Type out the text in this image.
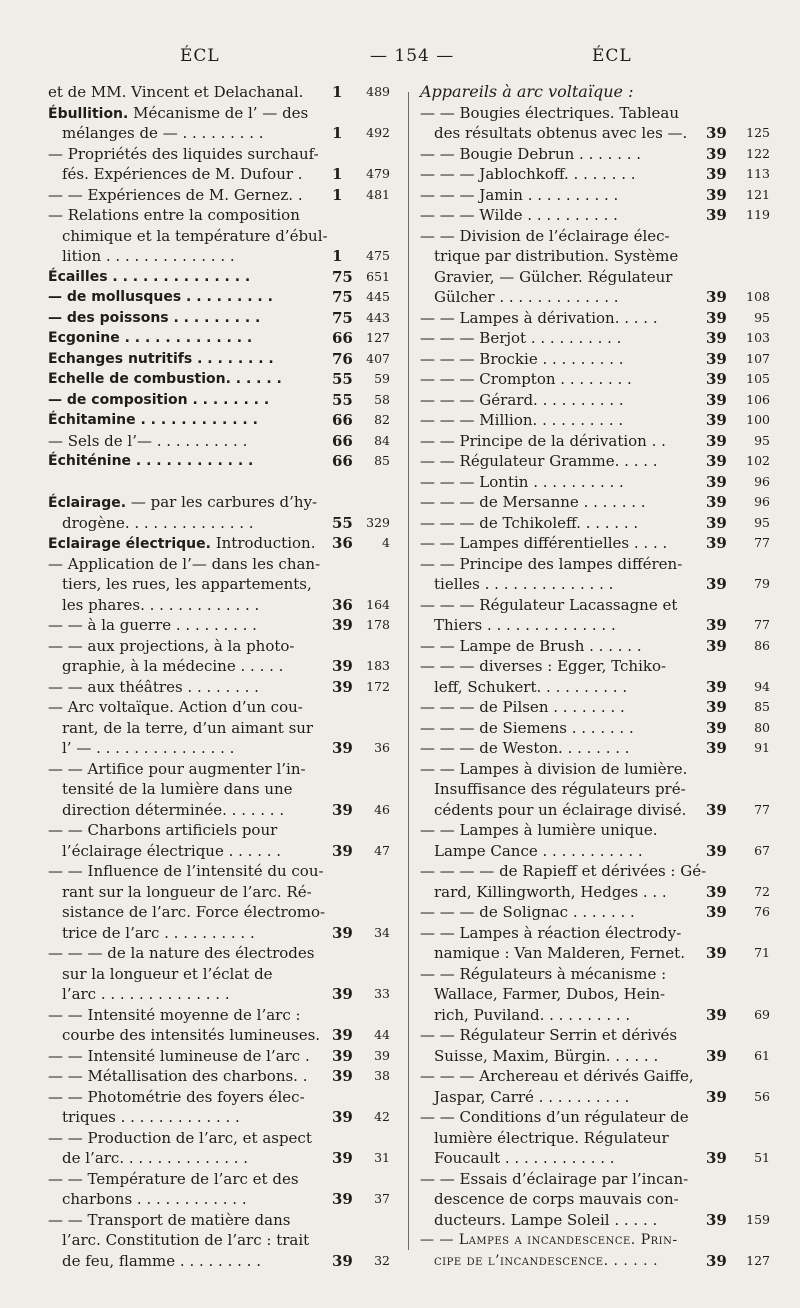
ÉCL	— 154 —	ÉCL
et de MM. Vincent et Delachanal. 1	489
Ébullition. Mécanisme de l’ — des
mélanges de — . . . . . . . . .	1	492
— Propriétés des liquides surchauf-
fés. Expériences de M. Dufour . 1	479
— — Expériences de M. Gernez. . 1	481
— Relations entre la composition
chimique et la température d’ébul-
lition . . . . . . . . . . . . . .	1	475
Écailles . . . . . . . . . . . . . .	75	651
— de mollusques . . . . . . . . .	75	445
— des poissons . . . . . . . . .	75	443
Ecgonine . . . . . . . . . . . . .	66	127
Echanges nutritifs . . . . . . . .	76	407
Echelle de combustion. . . . . .	55	59
— de composition . . . . . . . .	55	58
Échitamine . . . . . . . . . . . .	66	82
— Sels de l’— . . . . . . . . . .	66	84
Échiténine . . . . . . . . . . . .	66	85
Éclairage. — par les carbures d’hy-
drogène. . . . . . . . . . . . . .	55	329
Eclairage électrique. Introduction. 36	4
— Application de l’— dans les chan-
tiers, les rues, les appartements,
les phares. . . . . . . . . . . . .	36	164
— — à la guerre . . . . . . . . .	39	178
— — aux projections, à la photo-
graphie, à la médecine . . . . .	39	183
— — aux théâtres . . . . . . . .	39	172
— Arc voltaïque. Action d’un cou-
rant, de la terre, d’un aimant sur
l’ — . . . . . . . . . . . . . . .	39	36
— — Artifice pour augmenter l’in-
tensité de la lumière dans une
direction déterminée. . . . . . .	39	46
— — Charbons artificiels pour
l’éclairage électrique . . . . . .	39	47
— — Influence de l’intensité du cou-
rant sur la longueur de l’arc. Ré-
sistance de l’arc. Force électromo-
trice de l’arc . . . . . . . . . .	39	34
— — — de la nature des électrodes
sur la longueur et l’éclat de
l’arc . . . . . . . . . . . . . .	39	33
— — Intensité moyenne de l’arc :
courbe des intensités lumineuses. 39	44
— — Intensité lumineuse de l’arc . 39	39
— — Métallisation des charbons. . 39	38
— — Photométrie des foyers élec-
triques . . . . . . . . . . . . .	39	42
— — Production de l’arc, et aspect
de l’arc. . . . . . . . . . . . . .	39	31
— — Température de l’arc et des
charbons . . . . . . . . . . . .	39	37
— — Transport de matière dans
l’arc. Constitution de l’arc : trait
de feu, flamme . . . . . . . . .	39	32
Appareils à arc voltaïque :
— — Bougies électriques. Tableau
des résultats obtenus avec les —. 39	125
— — Bougie Debrun . . . . . . .	39	122
— — — Jablochkoff. . . . . . . .	39	113
— — — Jamin . . . . . . . . . .	39	121
— — — Wilde . . . . . . . . . .	39	119
— — Division de l’éclairage élec-
trique par distribution. Système
Gravier, — Gülcher. Régulateur
Gülcher . . . . . . . . . . . . .	39	108
— — Lampes à dérivation. . . . .	39	95
— — — Berjot . . . . . . . . . .	39	103
— — — Brockie . . . . . . . . .	39	107
— — — Crompton . . . . . . . .	39	105
— — — Gérard. . . . . . . . . .	39	106
— — — Million. . . . . . . . . .	39	100
— — Principe de la dérivation . .	39	95
— — Régulateur Gramme. . . . .	39	102
— — — Lontin . . . . . . . . . .	39	96
— — — de Mersanne . . . . . . .	39	96
— — — de Tchikoleff. . . . . . .	39	95
— — Lampes différentielles . . . .	39	77
— — Principe des lampes différen-
tielles . . . . . . . . . . . . . .	39	79
— — — Régulateur Lacassagne et
Thiers . . . . . . . . . . . . . .	39	77
— — Lampe de Brush . . . . . .	39	86
— — — diverses : Egger, Tchiko-
leff, Schukert. . . . . . . . . .	39	94
— — — de Pilsen . . . . . . . .	39	85
— — — de Siemens . . . . . . .	39	80
— — — de Weston. . . . . . . .	39	91
— — Lampes à division de lumière.
Insuffisance des régulateurs pré-
cédents pour un éclairage divisé. 39	77
— — Lampes à lumière unique.
Lampe Cance . . . . . . . . . . .	39	67
— — — — de Rapieff et dérivées : Gé-
rard, Killingworth, Hedges . . .	39	72
— — — de Solignac . . . . . . .	39	76
— — Lampes à réaction électrody-
namique : Van Malderen, Fernet. 39	71
— — Régulateurs à mécanisme :
Wallace, Farmer, Dubos, Hein-
rich, Puviland. . . . . . . . . .	39	69
— — Régulateur Serrin et dérivés
Suisse, Maxim, Bürgin. . . . . .	39	61
— — — Archereau et dérivés Gaiffe,
Jaspar, Carré . . . . . . . . . .	39	56
— — Conditions d’un régulateur de
lumière électrique. Régulateur
Foucault . . . . . . . . . . . .	39	51
— — Essais d’éclairage par l’incan-
descence de corps mauvais con-
ducteurs. Lampe Soleil . . . . .	39	159
— — Lampes a incandescence. Prin-
cipe de l’incandescence. . . . . .	39	127
